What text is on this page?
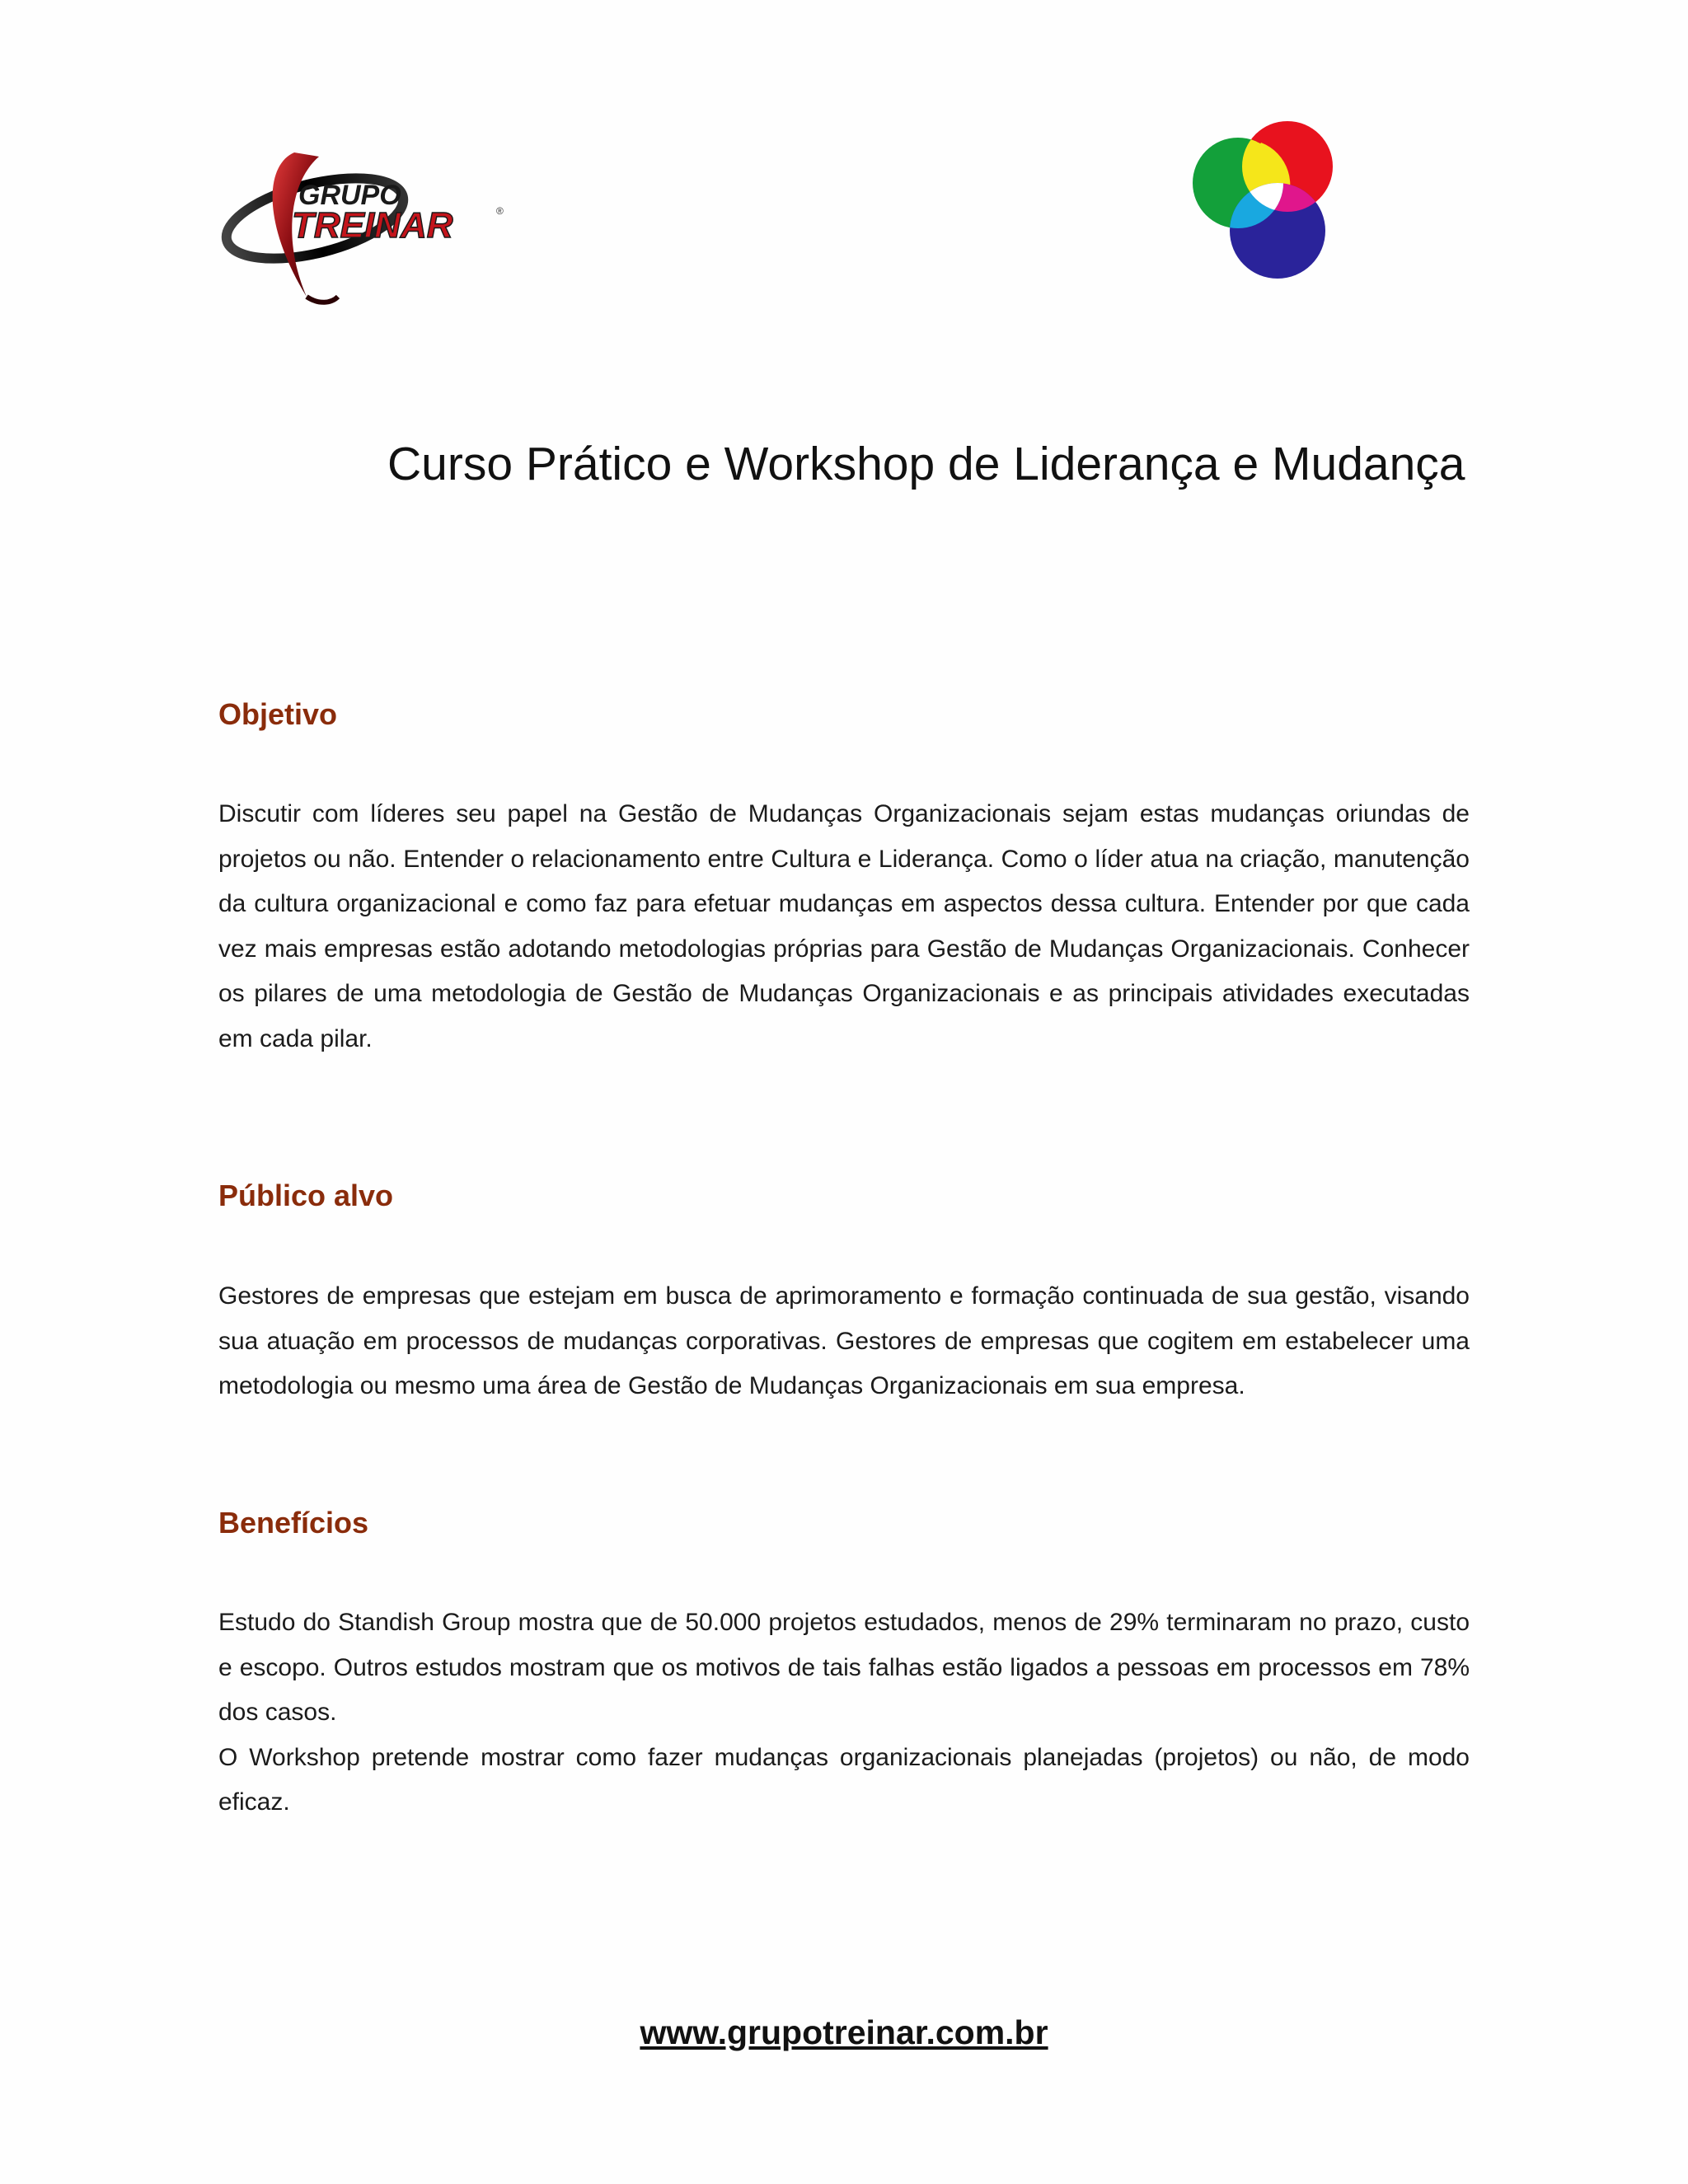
GRUPO
TREINAR	®
Curso Prático e Workshop de Liderança e Mudança
Objetivo

Discutir com líderes seu papel na Gestão de Mudanças Organizacionais sejam estas mudanças oriundas de projetos ou não. Entender o relacionamento entre Cultura e Liderança. Como o líder atua na criação, manutenção da cultura organizacional e como faz para efetuar mudanças em aspectos dessa cultura. Entender por que cada vez mais empresas estão adotando metodologias próprias para Gestão de Mudanças Organizacionais. Conhecer os pilares de uma metodologia de Gestão de Mudanças Organizacionais e as principais atividades executadas em cada pilar.

Público alvo

Gestores de empresas que estejam em busca de aprimoramento e formação continuada de sua gestão, visando sua atuação em processos de mudanças corporativas. Gestores de empresas que cogitem em estabelecer uma metodologia ou mesmo uma área de Gestão de Mudanças Organizacionais em sua empresa.

Benefícios

Estudo do Standish Group mostra que de 50.000 projetos estudados, menos de 29% terminaram no prazo, custo e escopo. Outros estudos mostram que os motivos de tais falhas estão ligados a pessoas em processos em 78% dos casos.

O Workshop pretende mostrar como fazer mudanças organizacionais planejadas (projetos) ou não, de modo eficaz.

www.grupotreinar.com.br
